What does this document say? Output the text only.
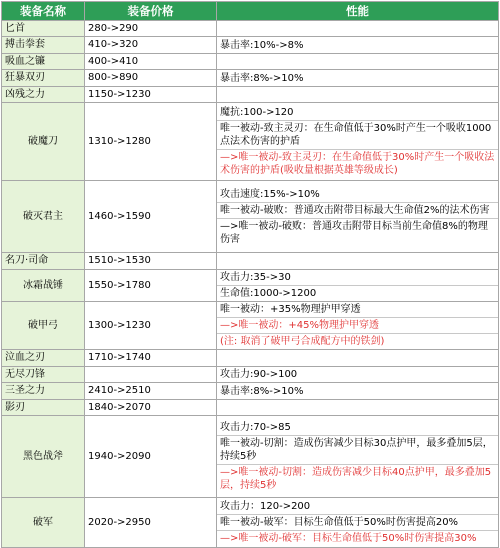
装备名称	装备价格	性能
匕首	280->290	
搏击拳套	410->320	暴击率:10%->8%

吸血之镰	400->410	
狂暴双刃	800->890	暴击率:8%->10%

凶残之力	1150->1230	
破魔刀	1310->1280	魔抗:100->120
唯一被动-致主灵刃：在生命值低于30%时产生一个吸收1000点法术伤害的护盾
—>唯一被动-致主灵刃：在生命值低于30%时产生一个吸收法术伤害的护盾(吸收量根据英雄等级成长)

破灭君主	1460->1590	攻击速度:15%->10%
唯一被动-破败：普通攻击附带目标最大生命值2%的法术伤害
—>唯一被动-破败：普通攻击附带目标当前生命值8%的物理伤害

名刀·司命	1510->1530	
冰霜战锤	1550->1780	攻击力:35->30
生命值:1000->1200

破甲弓	1300->1230	唯一被动：+35%物理护甲穿透
—>唯一被动：+45%物理护甲穿透
(注: 取消了破甲弓合成配方中的铁剑)

泣血之刃	1710->1740	
无尽刀锋		攻击力:90->100

三圣之力	2410->2510	暴击率:8%->10%

影刃	1840->2070	
黑色战斧	1940->2090	攻击力:70->85
唯一被动-切割：造成伤害减少目标30点护甲，最多叠加5层，持续5秒
—>唯一被动-切割：造成伤害减少目标40点护甲，最多叠加5层，持续5秒

破军	2020->2950	攻击力：120->200
唯一被动-破军：目标生命值低于50%时伤害提高20%
—>唯一被动-破军：目标生命值低于50%时伤害提高30%
